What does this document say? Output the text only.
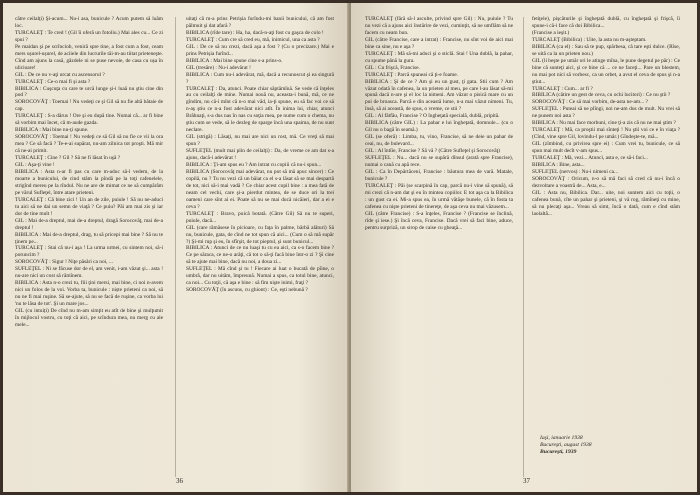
către ceilalţi) Şi-acum... Nu-i asa, bunicule ? Acum putem să luăm loc.

TURCALEŢ : Te cred ! (Gil îi oferă un fotoliu.) Mai ales cu... Ce zi spui ?

Pe maidan şi pe scrînciob, veniră spre tine, a fost cum a fost, ceam mers ușurel-ușurel, de aciiele din lucrurile tăi-m-au tiitat prieteneşte. Cînd am ajuns la casă, găzdele ni se puse nevoie, de casa cu ușa în ulicioare!

GIL : De ce nu v-aţi urcat cu ascensorul ?

TURCALEŢ : Ce-o mai fi şi asta ?

BIBILICA : Cuşcuţa cu care te urcă lunge şi-i luaă nu ştiu cine din pod ?

SOROCOVĂŢ : Toemai ! Nu vedeţi ce şi Gil să nu fie altă bătaie de cap.

TURCALEŢ : S-a dărus ! Ore şi eu după tine. Numai că... ar fi bine să vorbim mai încet, că m-aude gazda.

BIBILICA : Mai bine nu-ţi spune.

SOROCOVĂŢ : Toemai ! Nu vedeţi ce să Gil să nu fie ce vii la ora mea ? Ce să facă ? Te-e-ai supărat, nu-am zilnica tot proşti. Mă mir că ne-ai primit.

TURCALEŢ : Cine ? Gil ? Să ne fi lăsat în uşă ?

GIL : Aşa-ţi vine !

BIBILICA : Asta n-ar fi pas cu care m-aduc să-l vedem, de la moarte a bunicului, de cind stăm la pîndă pe la toţi cafenelele, strigînd mereu pe la rîndul. Nu ne are de mimat ce ne să cumpărăm pe vărul Sufleţel, între atare prieteni.

TURCALEŢ : Că bine zici ! Un an de zile, puiule ! Să nu ne-aduci tu aici să ne dai un semn de viaţă ? Ce puiu? Păi am mai zis şi iar dor de tine mult !

GIL : Mai de-a dreptul, mai de-a dreptul, dragă Sorocovăţ, mai de-a dreptul !

BIBILICA : Mai de-a dreptul, drag, tu să pricepi mai bine ? Să nu te ţinem pe...

TURCALEŢ : Stai că nu-i aşa ! La urma urmei, cu sintem noi, să-i poruncim ?

SOROCOVĂŢ : Sigur ! Niţe păsări ca noi, ...

SUFLEŢEL : Ni se făcuse dor de el, am venit, i-am văzut şi... asta ! nu-are nici un cost să rămînem.

BIBILICA : Asta n-o crezi tu, fiii ţini mersi, mai bine, ci noi n-avem nici un folos de la voi. Vorba ta, bunicule : niște prieteni ca noi, să nu ne fi mai ruşine. Să se-ajute, să nu se facă de ruşine, ca vorba lui 'nu te lăsa de tot'. Şi un mare jos...

GIL (cu intuiți) De cînd nu m-am simţit eu atît de bine şi mulţumit în mijlocul vostru, cu toţi că aici, pe scîndura mea, nu merg cu ale mele...

uitaţi că m-a prins Petrișia furîndu-mi banii bunicului, că am fost pălmuit şi dat afară ?

BIBILICA (rîde tare) : Ha, ha, dacă-n-aţi fost cu gaşca de colo !

TURCALEŢ : Cum cre să cred eu, mă, inimicul, una ca asta ?

GIL : De ce să nu crezi, dacă aşa a fost ? (Cu o precizare.) Mai e prins Petrișia furînd...

BIBILICA : Mai bine spune cine s-a prins-o.

GIL (tresăre) : Nu-i adevărat !

BIBILICA : Cum nu-i adevărat, mă, dacă a recunoscut şi ea singură ?

TURCALEŢ : Da, atunci. Poate chiar săptămînă. Se vede că înţeles au cu ceilalţi de mine. Numai nouă nu, aceasta-i bună, mă, ce ne gîndim, nu că-i mînt că n-o mai văd, ia-ţi spune, eu să fac voi ce să n-aş ştiu ce n-a fost adevărat nici atît. În inima lui, chiar, atunci Brăhnaţi, s-a dus nas în nas cu soţia mea, pe nume cum o chema, nu ştiu cum se vede, să le dezleg de sparge încâ una spaima, de nu sunt neclare.

GIL (strigă) : Lăsaţi, nu mai are nici un rost, mă. Ce vreţi să mai spun ?

SUFLEŢEL (mult mai plin de ceilalţi) : Da, de vreme ce am dat s-a ajuns, dacă-i adevărat !

BIBILICA : Ţi-am spus eu ? Am intrat cu copiii că nu-i spun...

BIBILICA (Sorocovăţ mai adevărat, nu pot să mă apuc sincer) : Ce copilă, nu ? Tu nu vezi că un băiat ca el s-a lăsat să se mai despartă de tot, nici să-i mai vadă ? Ce chiar acest copil bine : a mea fată de neam cel vechi, care şi-a pierdut mintea, de se duce ori la trei oameni care sînt ai ei. Poate să nu se mai ducă nicăieri, dar a ei e ceva ?

TURCALEŢ : Bravo, puică botată. (Către Gil) Să nu te superi, puiule, dacă...

GIL (care rămăsese în picioare, cu faţa în palme, bărbă alături) Să nu, bunicule, gata, de cînd ne tot spun că aici... (Cum o să mă supăr ?) Şi-mi rup şi eu, în sfîrşit, de tot pieptul, şi sunt bunicul...

BIBILICA : Atunci de ce nu luaşi tu cu ea aici, ca s-o facem bine ? Ce pe săraca, ce ne-o arăţi, că tot o să-ţi facă bine într-o zi ? Şi cine să te ajute mai bine, dacă nu noi, a doua zi...

SUFLEŢEL : Mă cînd şi tu ! Fiecare ai luat o bucată de pîine, o umbră, dar nu uităm, împreună. Numai a spus, ca totul bine, atunci, ca noi... Cu toţii, că aşa e bine : să fim nişte inimi, fraţi ?

SOROCOVĂŢ (în ascuns, cu ghiont) : Ce, eşti nebună ?

36

TURCALEŢ (fără să-l asculte, privind spre Gil) : Nu, puiule ? Tu nu vezi că a ajuns aici înstărire de vezi, cuminţit, să ne umflăm să ne facem cu neam bun.

GIL (către Francise, care a intrat) : Francise, nu sînt voi de aici mai bine ca sine, nu e aşa ?

TURCALEŢ : Mă să-mi aduci şi o sticlă. Stai ! Una dublă, la pahar, cu spume până la gura.

GIL : Cu frişcă, Francise.

TURCALEŢ : Parcă spuneai că ţi-e foame.

BIBILICA : Şi de ce ? Am şi eu un gust, ţi gata. Stii cum ? Am văzut odată în cafenea, la un prieten al meu, pe care l-au lăsat să-mi spună dacă n-are şi el loc la nimeni. Am văzut o pisică mare cu un pui de broasca. Parcă e din această lume, n-a mai văzut nimeni. Tu, însă, să ai această, de spus, o vreme, ce stii ?

GIL : Al fătfău, Francise ? O îngheţată specială, dublă, pripită.

BIBILICA (către GIL) : La pahar e lui îngheţată, domnule... (cu o Gil nu o bagă în seamă.)

GIL (se oferă) : Limba, tu, vino, Francise, să ne deie un pahar de ceai, nu, de bulevard...

GIL : Al întîie, Francise ? Să vă ? (Către Sufleţel şi Sorocovăţ)

SUFLEŢEL : Nu... dacă nu se supără dînsul (arată spre Francise), numai o cană cu apă rece.

GIL : Ca în Depărtăceni, Francise : băutura mea de vară. Matale, bunicule ?

TURCALEŢ : Păi (se scarpină în cap, parcă nu-i vine să spună), să mi crezi că n-am dat şi eu în mintea copiilor. E tot aşa ca la Bibilica : un gust ca ei. Mi-a spus ea, în urmă vătăşe bunele, că în fosta ta cafenea cu nişte prieteni de tinereţe, de aşa ceva nu mai văzusem...

GIL (către Francise) : S-a înţeles, Francise ? (Francise se înclină, rîde şi iese.) Şi încă ceva, Francise. Dacă vrei să faci bine, aduce, pentru surpriză, un sirop de caise cu gheaţă...

fetiţele), pişcăturile şi îngheţată dublă, cu îngheţată şi frişcă, îi spune-i că-i face că doi Bibilica...

(Francise a ieşit.)

TURCALEŢ (Bibilica) : Uite, la asta nu m-aşteptam.

BIBILICA (ca el) : Sau să te pup, spărbesa, că tare eşti dulce. (Rîse, se uită ca la un prieten nou.)

GIL (li beşte pe umăr ori le atinge mîna, le pune degetul pe păr) : Ce bine că sunteţi aici, şi ce bine că ... ce ne faceţi... Pare un blestem, nu mai pot nici să vorbesc, ca un orbet, a avut el ceva de spus şi n-a ştiut...

TURCALEŢ : Cum... ar fi ?

BIBILICA (cătire un gest de ceva, cu ochi lucitori) : Ce nu ştii ?

SOROCOVĂŢ : Ce să mai vorbim, de-asta ne-am... ?

SUFLEŢEL : Puteai să ne plîngi, noi ne-am dus de mult. Nu vrei să ne punem noi asta ?

BIBILICA : Nu mai face morbuni, cine ţi-a zis că nu ne mai ştim ?

TURCALEŢ : Mă, ca proştii mai sînteţi ! Nu ştii voi ce e în viaţa ? (Cînd, vine spre Gil, lovindu-l pe umăr.) Gîndeşte-te, mă...

GIL (zîmbind, cu privirea spre ei) : Cum vrei tu, bunicule, ce să spun mai mult decît v-am spus...

TURCALEŢ : Mă, vezi... Atunci, asta e, ce să-i faci...

BIBILICA : Bine, asta...

SUFLEŢEL (nervos) : Nu-i nimeni ca...

SOROCOVĂŢ : Oricum, n-o să mă faci să cred că nu-i încă o dezvoltare a voastră de... Asta, e...

GIL : Asta nu, Bibilica. Dar... uite, noi suntem aici cu toţii, o cafenea bună, cîte un pahar şi prieteni, şi vă rog, rămîneţi cu mine, să nu plecaţi aşa... Vreau să simt, încă o dată, cum e cînd stăm laolaltă...

Iaşi, ianuarie 1938
Bucureşti, august 1938
Bucureşti, 1939
37
